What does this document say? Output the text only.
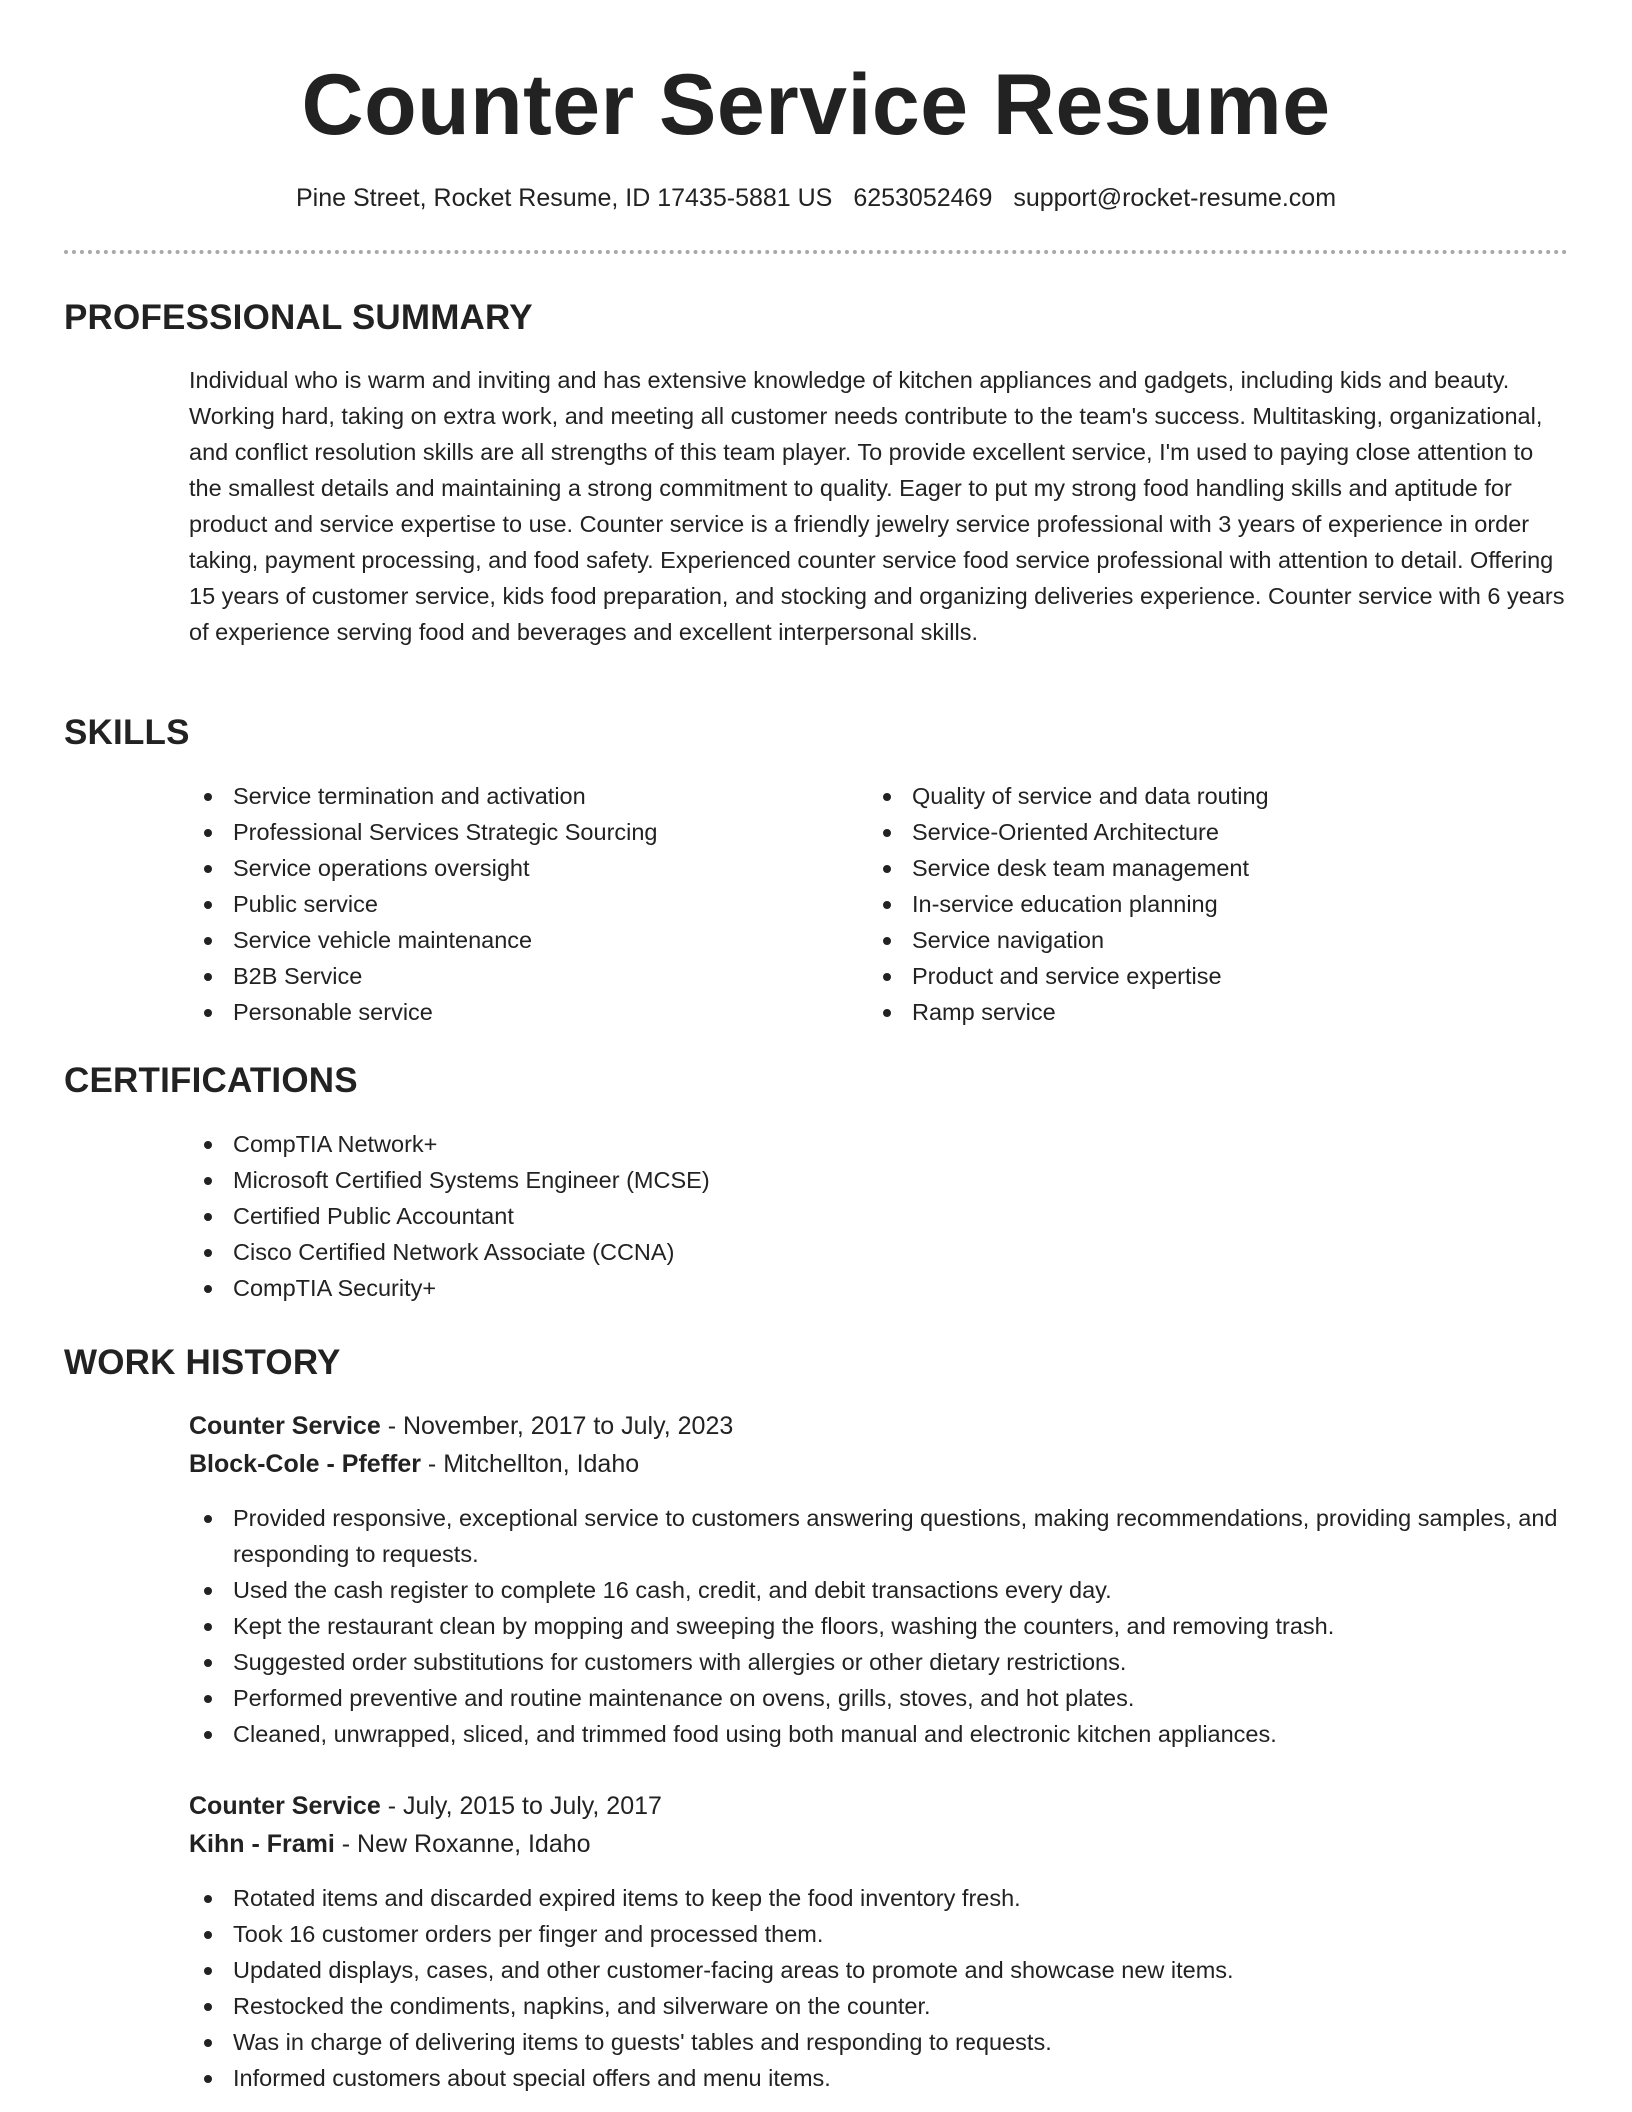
Counter Service Resume
Pine Street, Rocket Resume, ID 17435-5881 US 6253052469 support@rocket-resume.com
PROFESSIONAL SUMMARY

Individual who is warm and inviting and has extensive knowledge of kitchen appliances and gadgets, including kids and beauty. Working hard, taking on extra work, and meeting all customer needs contribute to the team's success. Multitasking, organizational, and conflict resolution skills are all strengths of this team player. To provide excellent service, I'm used to paying close attention to the smallest details and maintaining a strong commitment to quality. Eager to put my strong food handling skills and aptitude for product and service expertise to use. Counter service is a friendly jewelry service professional with 3 years of experience in order taking, payment processing, and food safety. Experienced counter service food service professional with attention to detail. Offering 15 years of customer service, kids food preparation, and stocking and organizing deliveries experience. Counter service with 6 years of experience serving food and beverages and excellent interpersonal skills.

SKILLS
Service termination and activation
Professional Services Strategic Sourcing
Service operations oversight
Public service
Service vehicle maintenance
B2B Service
Personable service
Quality of service and data routing
Service-Oriented Architecture
Service desk team management
In-service education planning
Service navigation
Product and service expertise
Ramp service
CERTIFICATIONS
CompTIA Network+
Microsoft Certified Systems Engineer (MCSE)
Certified Public Accountant
Cisco Certified Network Associate (CCNA)
CompTIA Security+
WORK HISTORY
Counter Service - November, 2017 to July, 2023
Block-Cole - Pfeffer - Mitchellton, Idaho
Provided responsive, exceptional service to customers answering questions, making recommendations, providing samples, and responding to requests.
Used the cash register to complete 16 cash, credit, and debit transactions every day.
Kept the restaurant clean by mopping and sweeping the floors, washing the counters, and removing trash.
Suggested order substitutions for customers with allergies or other dietary restrictions.
Performed preventive and routine maintenance on ovens, grills, stoves, and hot plates.
Cleaned, unwrapped, sliced, and trimmed food using both manual and electronic kitchen appliances.
Counter Service - July, 2015 to July, 2017
Kihn - Frami - New Roxanne, Idaho
Rotated items and discarded expired items to keep the food inventory fresh.
Took 16 customer orders per finger and processed them.
Updated displays, cases, and other customer-facing areas to promote and showcase new items.
Restocked the condiments, napkins, and silverware on the counter.
Was in charge of delivering items to guests' tables and responding to requests.
Informed customers about special offers and menu items.
